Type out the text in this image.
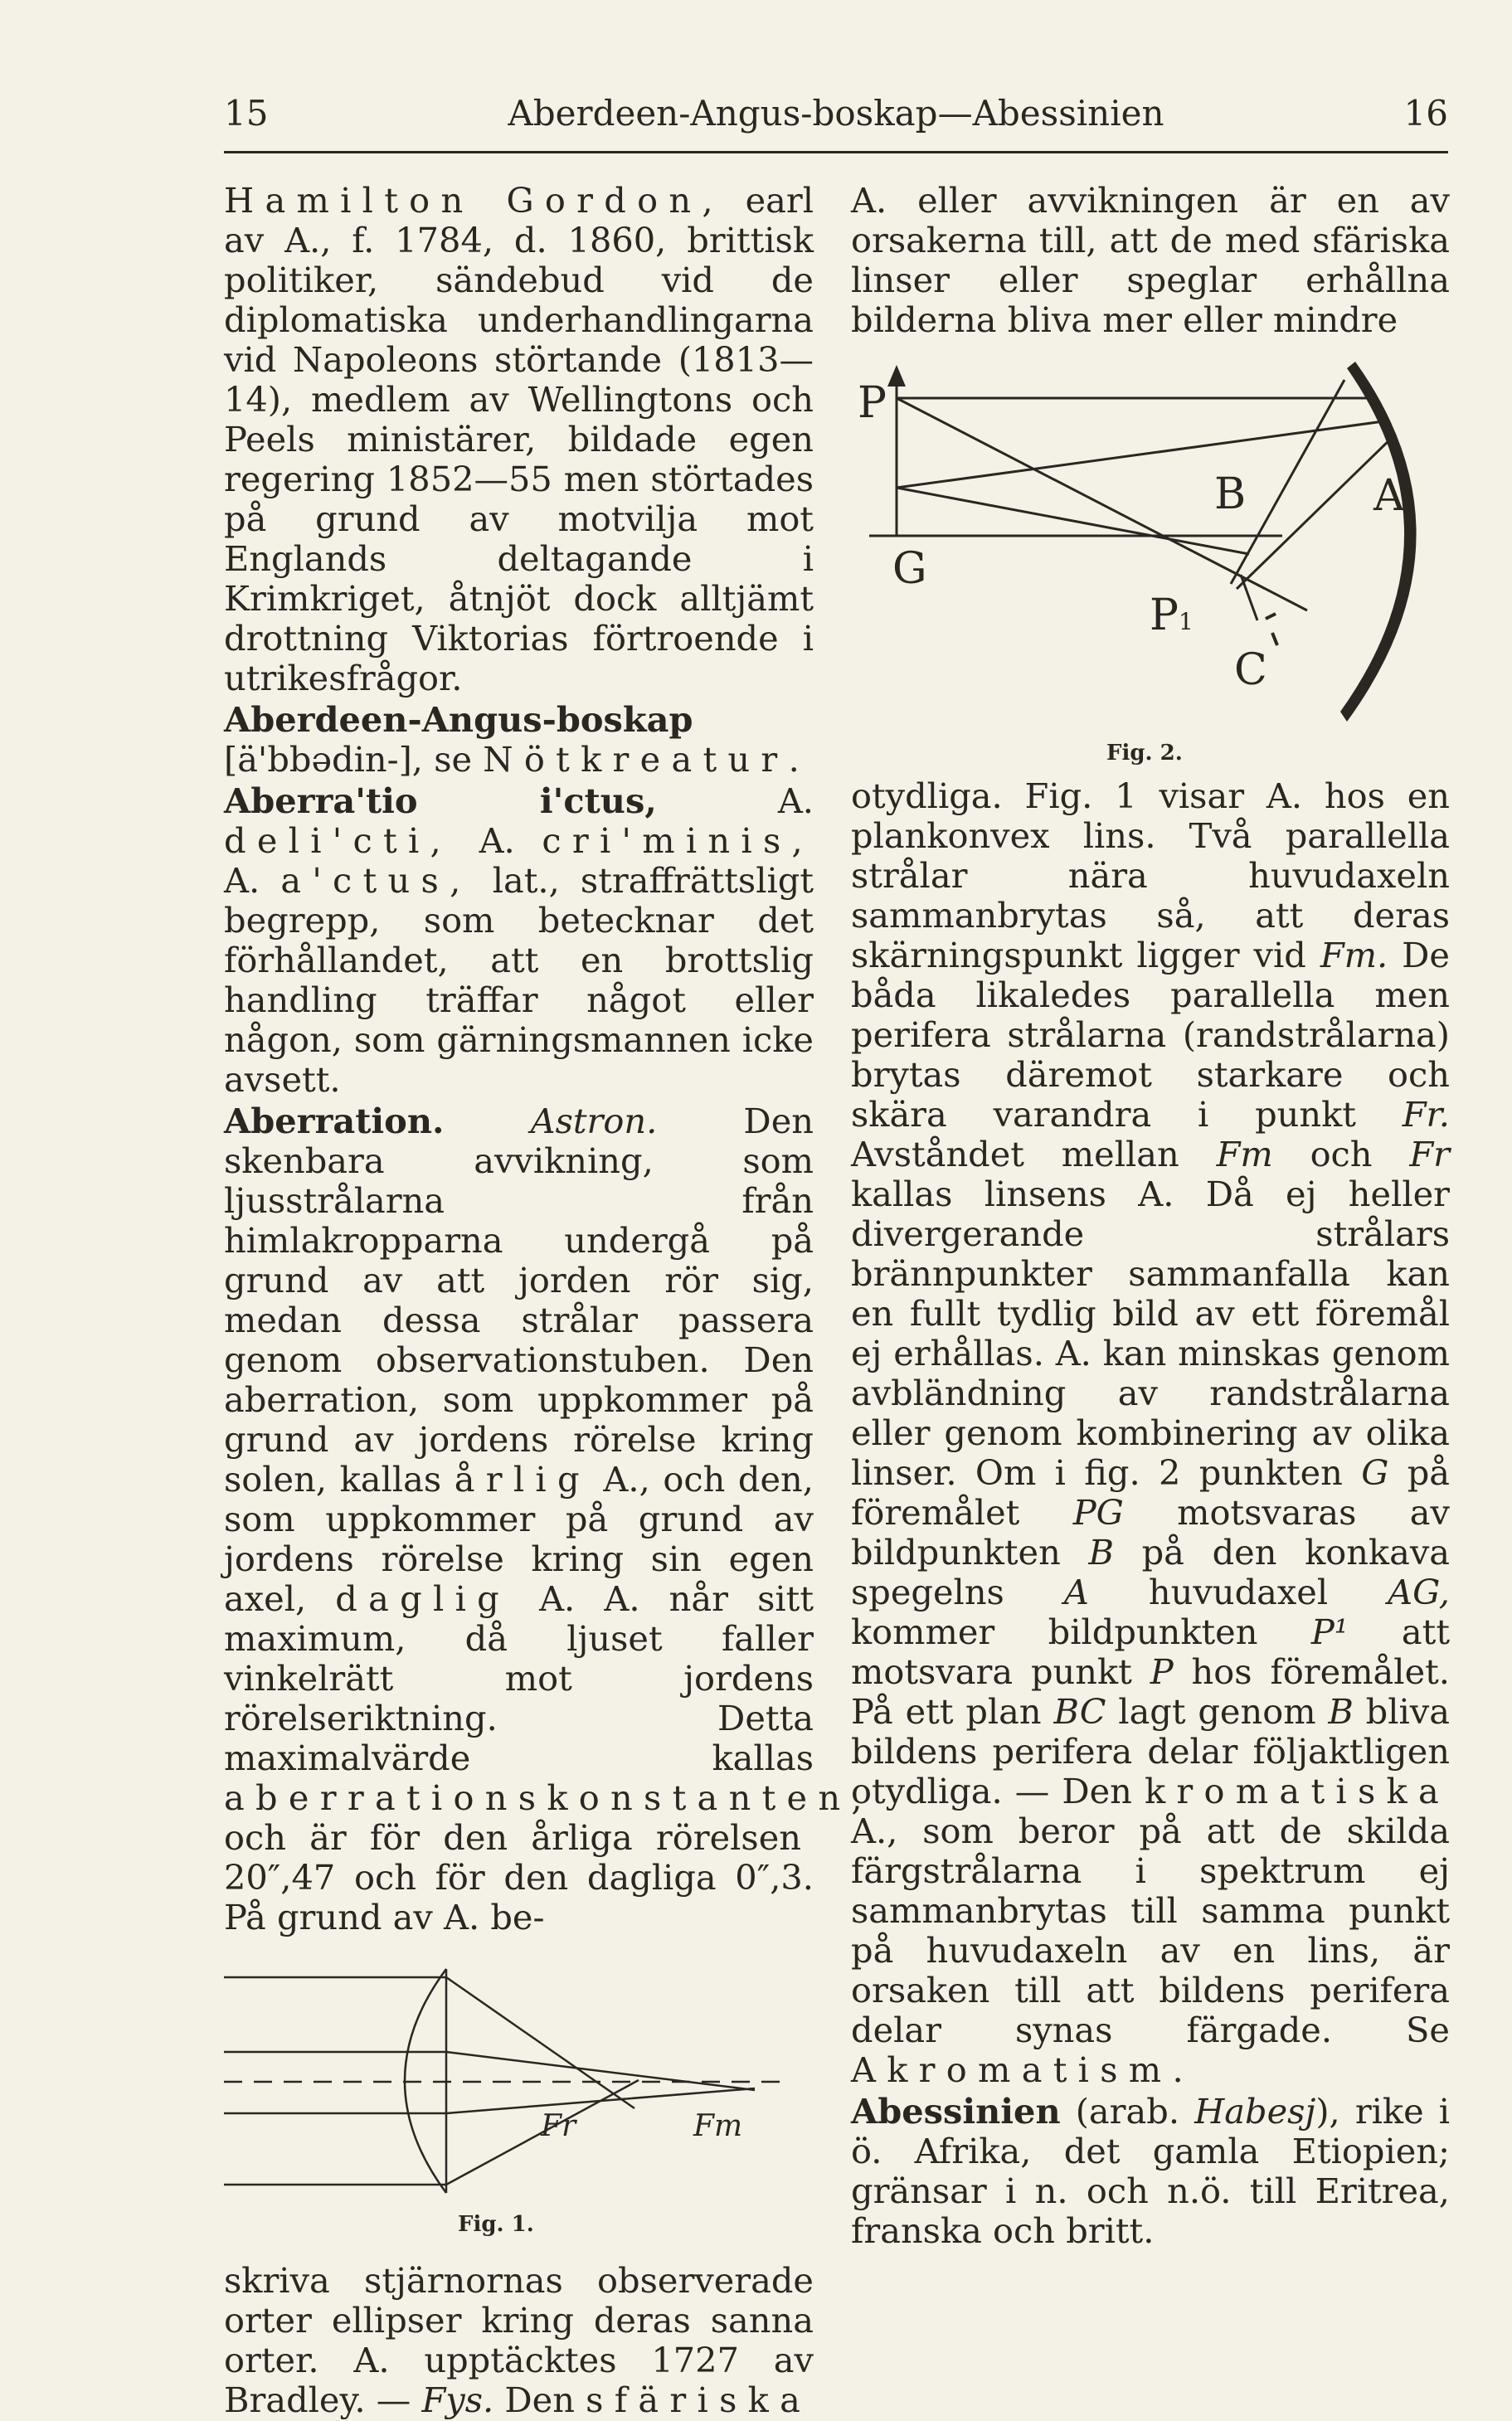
15	Aberdeen-Angus-boskap—Abessinien	16

Hamilton Gordon, earl av A., f. 1784, d. 1860, brittisk politiker, sändebud vid de diplomatiska underhandlingarna vid Napoleons störtande (1813—14), medlem av Wellingtons och Peels ministärer, bildade egen regering 1852—55 men störtades på grund av motvilja mot Englands deltagande i Krimkriget, åtnjöt dock alltjämt drottning Viktorias förtroende i utrikesfrågor.

Aberdeen-Angus-boskap [ä'bbədin-], se Nötkreatur.

Aberra'tio i'ctus, A. deli'cti, A. cri'minis, A. a'ctus, lat., straffrättsligt begrepp, som betecknar det förhållandet, att en brottslig handling träffar något eller någon, som gärningsmannen icke avsett.

Aberration. Astron. Den skenbara avvikning, som ljusstrålarna från himlakropparna undergå på grund av att jorden rör sig, medan dessa strålar passera genom observationstuben. Den aberration, som uppkommer på grund av jordens rörelse kring solen, kallas årlig A., och den, som uppkommer på grund av jordens rörelse kring sin egen axel, daglig A. A. når sitt maximum, då ljuset faller vinkelrätt mot jordens rörelseriktning. Detta maximalvärde kallas aberrationskonstanten, och är för den årliga rörelsen 20″,47 och för den dagliga 0″,3. På grund av A. be-

Fr	Fm
Fig. 1.

skriva stjärnornas observerade orter ellipser kring deras sanna orter. A. upptäcktes 1727 av Bradley. — Fys. Den sfäriska

A. eller avvikningen är en av orsakerna till, att de med sfäriska linser eller speglar erhållna bilderna bliva mer eller mindre

P
G
B	A
P1
C
Fig. 2.

otydliga. Fig. 1 visar A. hos en plankonvex lins. Två parallella strålar nära huvudaxeln sammanbrytas så, att deras skärningspunkt ligger vid Fm. De båda likaledes parallella men perifera strålarna (randstrålarna) brytas däremot starkare och skära varandra i punkt Fr. Avståndet mellan Fm och Fr kallas linsens A. Då ej heller divergerande strålars brännpunkter sammanfalla kan en fullt tydlig bild av ett föremål ej erhållas. A. kan minskas genom avbländning av randstrålarna eller genom kombinering av olika linser. Om i fig. 2 punkten G på föremålet PG motsvaras av bildpunkten B på den konkava spegelns A huvudaxel AG, kommer bildpunkten P¹ att motsvara punkt P hos föremålet. På ett plan BC lagt genom B bliva bildens perifera delar följaktligen otydliga. — Den kromatiska A., som beror på att de skilda färgstrålarna i spektrum ej sammanbrytas till samma punkt på huvudaxeln av en lins, är orsaken till att bildens perifera delar synas färgade. Se Akromatism.

Abessinien (arab. Habesj), rike i ö. Afrika, det gamla Etiopien; gränsar i n. och n.ö. till Eritrea, franska och britt.
